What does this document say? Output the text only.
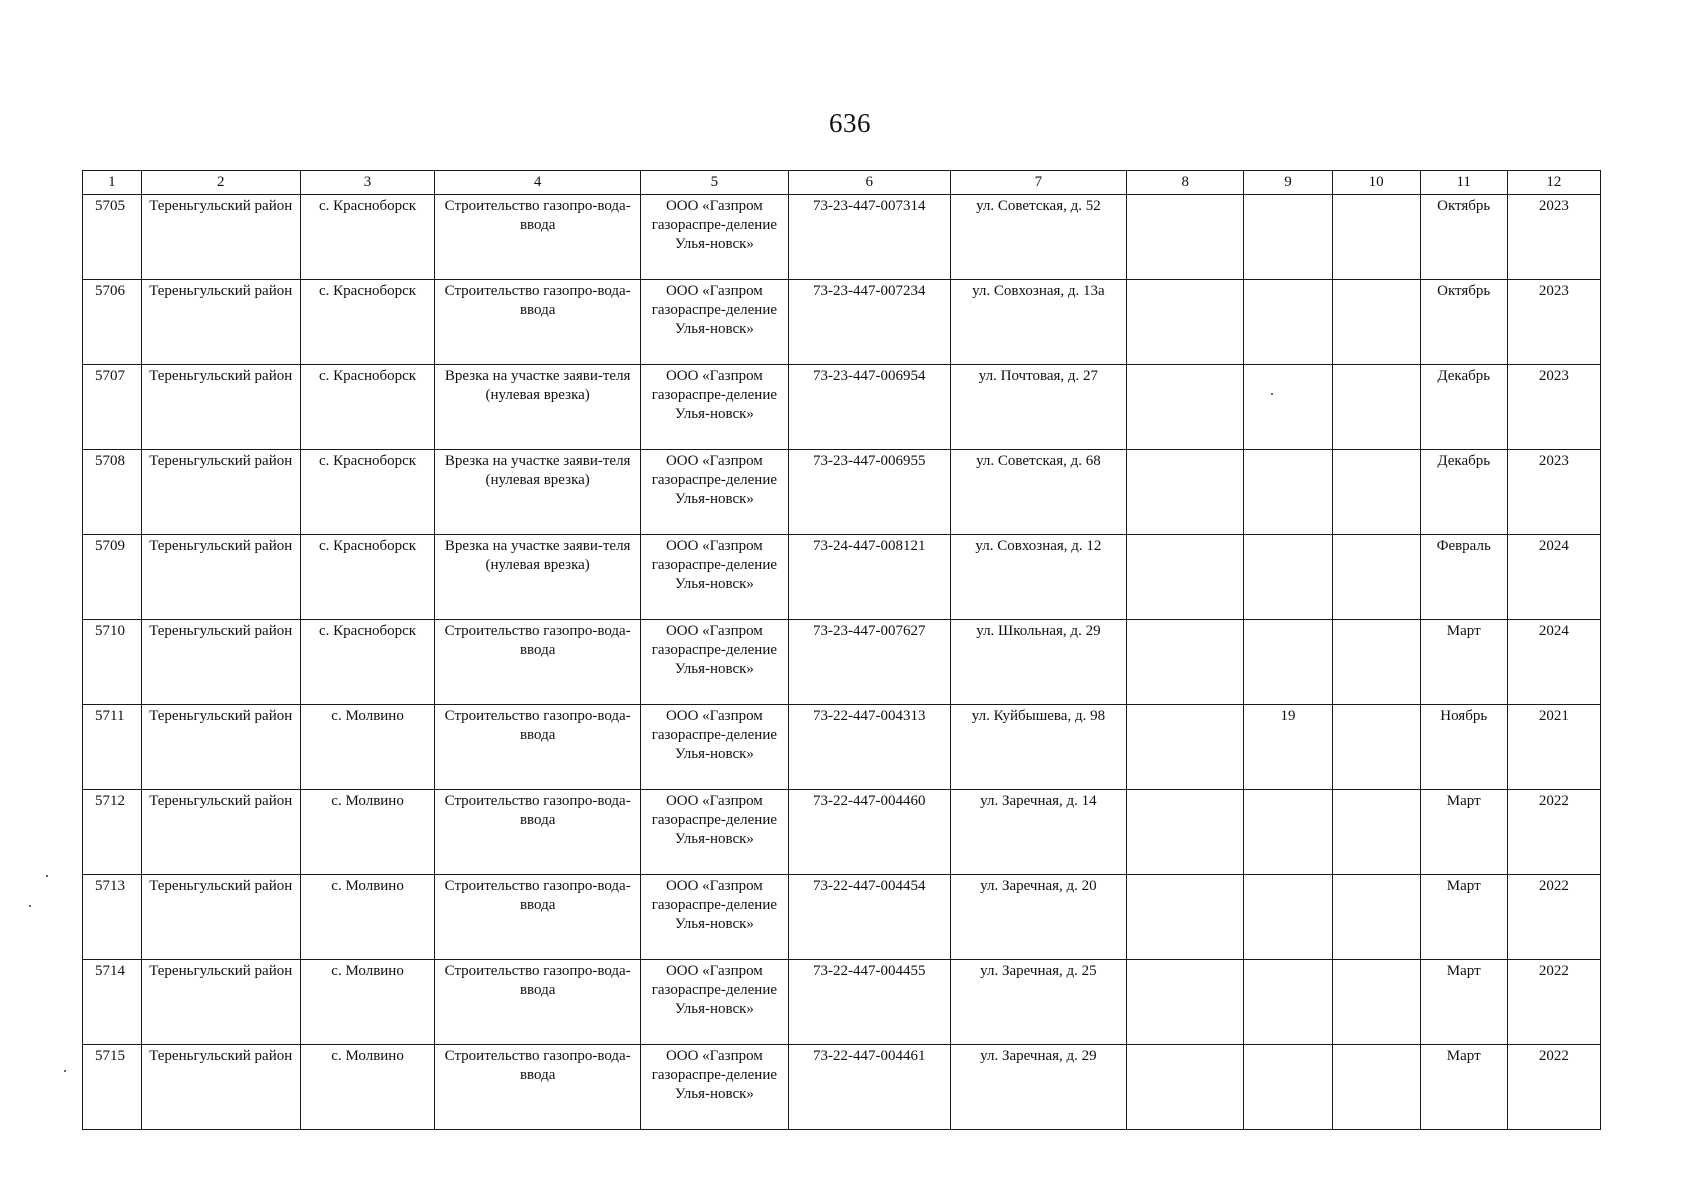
636
1	2	3	4	5	6	7	8	9	10	11	12
5705	Тереньгульский район	с. Красноборск	Строительство газопро-вода-ввода	ООО «Газпром газораспре-деление Улья-новск»	73-23-447-007314	ул. Советская, д. 52				Октябрь	2023
5706	Тереньгульский район	с. Красноборск	Строительство газопро-вода-ввода	ООО «Газпром газораспре-деление Улья-новск»	73-23-447-007234	ул. Совхозная, д. 13а				Октябрь	2023
5707	Тереньгульский район	с. Красноборск	Врезка на участке заяви-теля (нулевая врезка)	ООО «Газпром газораспре-деление Улья-новск»	73-23-447-006954	ул. Почтовая, д. 27				Декабрь	2023
5708	Тереньгульский район	с. Красноборск	Врезка на участке заяви-теля (нулевая врезка)	ООО «Газпром газораспре-деление Улья-новск»	73-23-447-006955	ул. Советская, д. 68				Декабрь	2023
5709	Тереньгульский район	с. Красноборск	Врезка на участке заяви-теля (нулевая врезка)	ООО «Газпром газораспре-деление Улья-новск»	73-24-447-008121	ул. Совхозная, д. 12				Февраль	2024
5710	Тереньгульский район	с. Красноборск	Строительство газопро-вода-ввода	ООО «Газпром газораспре-деление Улья-новск»	73-23-447-007627	ул. Школьная, д. 29				Март	2024
5711	Тереньгульский район	с. Молвино	Строительство газопро-вода-ввода	ООО «Газпром газораспре-деление Улья-новск»	73-22-447-004313	ул. Куйбышева, д. 98		19		Ноябрь	2021
5712	Тереньгульский район	с. Молвино	Строительство газопро-вода-ввода	ООО «Газпром газораспре-деление Улья-новск»	73-22-447-004460	ул. Заречная, д. 14				Март	2022
5713	Тереньгульский район	с. Молвино	Строительство газопро-вода-ввода	ООО «Газпром газораспре-деление Улья-новск»	73-22-447-004454	ул. Заречная, д. 20				Март	2022
5714	Тереньгульский район	с. Молвино	Строительство газопро-вода-ввода	ООО «Газпром газораспре-деление Улья-новск»	73-22-447-004455	ул. Заречная, д. 25				Март	2022
5715	Тереньгульский район	с. Молвино	Строительство газопро-вода-ввода	ООО «Газпром газораспре-деление Улья-новск»	73-22-447-004461	ул. Заречная, д. 29				Март	2022
